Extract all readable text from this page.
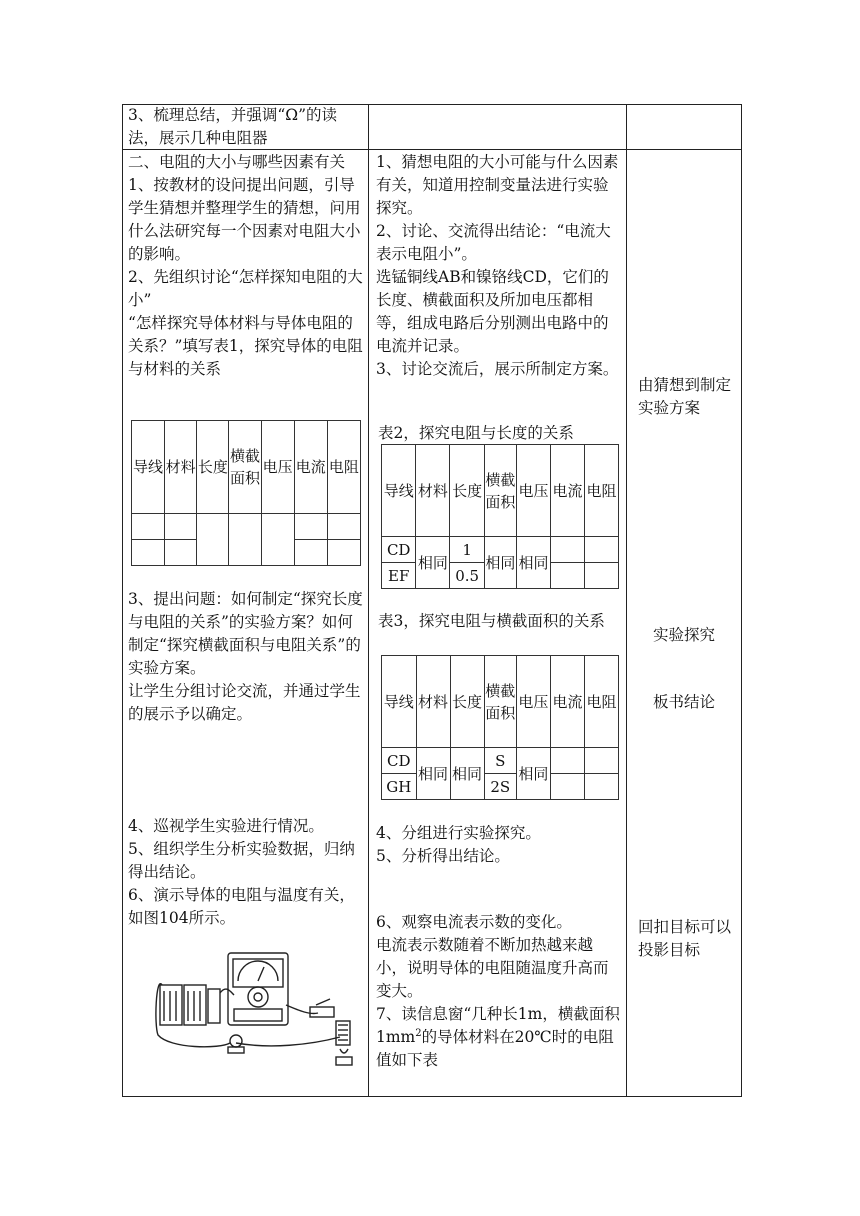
3、梳理总结，并强调“Ω”的读法，展示几种电阻器

二、电阻的大小与哪些因素有关

1、按教材的设问提出问题，引导学生猜想并整理学生的猜想，问用什么法研究每一个因素对电阻大小的影响。

2、先组织讨论“怎样探知电阻的大小”

“怎样探究导体材料与导体电阻的关系？”填写表1，探究导体的电阻与材料的关系

导线	材料	长度	横截面积	电压	电流	电阻

3、提出问题：如何制定“探究长度与电阻的关系”的实验方案？如何制定“探究横截面积与电阻关系”的实验方案。

让学生分组讨论交流，并通过学生的展示予以确定。

4、巡视学生实验进行情况。

5、组织学生分析实验数据，归纳得出结论。

6、演示导体的电阻与温度有关，如图104所示。

1、猜想电阻的大小可能与什么因素有关，知道用控制变量法进行实验探究。

2、讨论、交流得出结论：“电流大表示电阻小”。

选锰铜线AB和镍铬线CD，它们的长度、横截面积及所加电压都相等，组成电路后分别测出电路中的电流并记录。

3、讨论交流后，展示所制定方案。

表2，探究电阻与长度的关系
导线	材料	长度	横截面积	电压	电流	电阻
CD	相同	1	相同	相同		
EF		0.5				
表3，探究电阻与横截面积的关系
导线	材料	长度	横截面积	电压	电流	电阻
CD	相同	相同	S	相同		
GH			2S			

4、分组进行实验探究。

5、分析得出结论。

6、观察电流表示数的变化。

电流表示数随着不断加热越来越小，说明导体的电阻随温度升高而变大。

7、读信息窗“几种长1m，横截面积$1mm^2$的导体材料在20℃时的电阻值如下表

由猜想到制定实验方案
实验探究
板书结论
回扣目标可以投影目标
